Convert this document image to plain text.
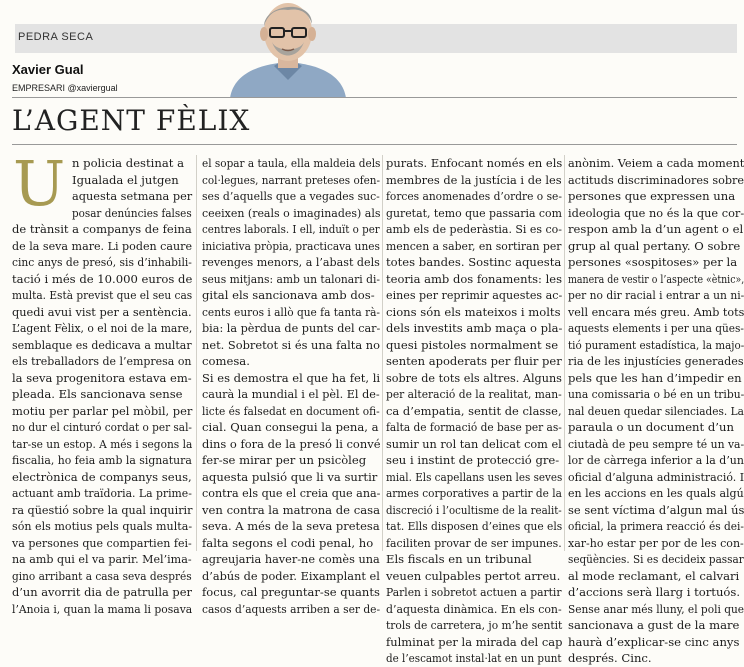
PEDRA SECA
Xavier Gual
EMPRESARI @xaviergual
L’AGENT FÈLIX
U n policia destinat a
Igualada el jutgen
aquesta setmana per
posar denúncies falses
de trànsit a companys de feina
de la seva mare. Li poden caure
cinc anys de presó, sis d’inhabili-
tació i més de 10.000 euros de
multa. Està previst que el seu cas
quedi avui vist per a sentència.
L’agent Fèlix, o el noi de la mare,
semblaque es dedicava a multar
els treballadors de l’empresa on
la seva progenitora estava em-
pleada. Els sancionava sense
motiu per parlar pel mòbil, per
no dur el cinturó cordat o per sal-
tar-se un estop. A més i segons la
fiscalia, ho feia amb la signatura
electrònica de companys seus,
actuant amb traïdoria. La prime-
ra qüestió sobre la qual inquirir
són els motius pels quals multa-
va persones que compartien fei-
na amb qui el va parir. Mel’ima-
gino arribant a casa seva després
d’un avorrit dia de patrulla per
l’Anoia i, quan la mama li posava
el sopar a taula, ella maldeia dels
col·legues, narrant preteses ofen-
ses d’aquells que a vegades suc-
ceeixen (reals o imaginades) als
centres laborals. I ell, induït o per
iniciativa pròpia, practicava unes
revenges menors, a l’abast dels
seus mitjans: amb un talonari di-
gital els sancionava amb dos-
cents euros i allò que fa tanta rà-
bia: la pèrdua de punts del car-
net. Sobretot si és una falta no
comesa.
Si es demostra el que ha fet, li
caurà la mundial i el pèl. El de-
licte és falsedat en document ofi-
cial. Quan consegui la pena, a
dins o fora de la presó li convé
fer-se mirar per un psicòleg
aquesta pulsió que li va surtir
contra els que el creia que ana-
ven contra la matrona de casa
seva. A més de la seva pretesa
falta segons el codi penal, ho
agreujaria haver-ne comès una
d’abús de poder. Eixamplant el
focus, cal preguntar-se quants
casos d’aquests arriben a ser de-
purats. Enfocant només en els
membres de la justícia i de les
forces anomenades d’ordre o se-
guretat, temo que passaria com
amb els de pederàstia. Si es co-
mencen a saber, en sortiran per
totes bandes. Sostinc aquesta
teoria amb dos fonaments: les
eines per reprimir aquestes ac-
cions són els mateixos i molts
dels investits amb maça o pla-
quesi pistoles normalment se
senten apoderats per fluir per
sobre de tots els altres. Alguns
per alteració de la realitat, man-
ca d’empatia, sentit de classe,
falta de formació de base per as-
sumir un rol tan delicat com el
seu i instint de protecció gre-
mial. Els capellans usen les seves
armes corporatives a partir de la
discreció i l’ocultisme de la realit-
tat. Ells disposen d’eines que els
faciliten provar de ser impunes.
Els fiscals en un tribunal
veuen culpables pertot arreu.
Parlen i sobretot actuen a partir
d’aquesta dinàmica. En els con-
trols de carretera, jo m’he sentit
fulminat per la mirada del cap
de l’escamot instal·lat en un punt
anònim. Veiem a cada moment
actituds discriminadores sobre
persones que expressen una
ideologia que no és la que cor-
respon amb la d’un agent o el
grup al qual pertany. O sobre
persones «sospitoses» per la
manera de vestir o l’aspecte «ètnic»,
per no dir racial i entrar a un ni-
vell encara més greu. Amb tots
aquests elements i per una qües-
tió purament estadística, la majo-
ria de les injustícies generades
pels que les han d’impedir en
una comissaria o bé en un tribu-
nal deuen quedar silenciades. La
paraula o un document d’un
ciutadà de peu sempre té un va-
lor de càrrega inferior a la d’un
oficial d’alguna administració. I
en les accions en les quals algú
se sent víctima d’algun mal ús
oficial, la primera reacció és dei-
xar-ho estar per por de les con-
seqüències. Si es decideix passar
al mode reclamant, el calvari
d’accions serà llarg i tortuós.
Sense anar més lluny, el poli que
sancionava a gust de la mare
haurà d’explicar-se cinc anys
després. Cinc.
